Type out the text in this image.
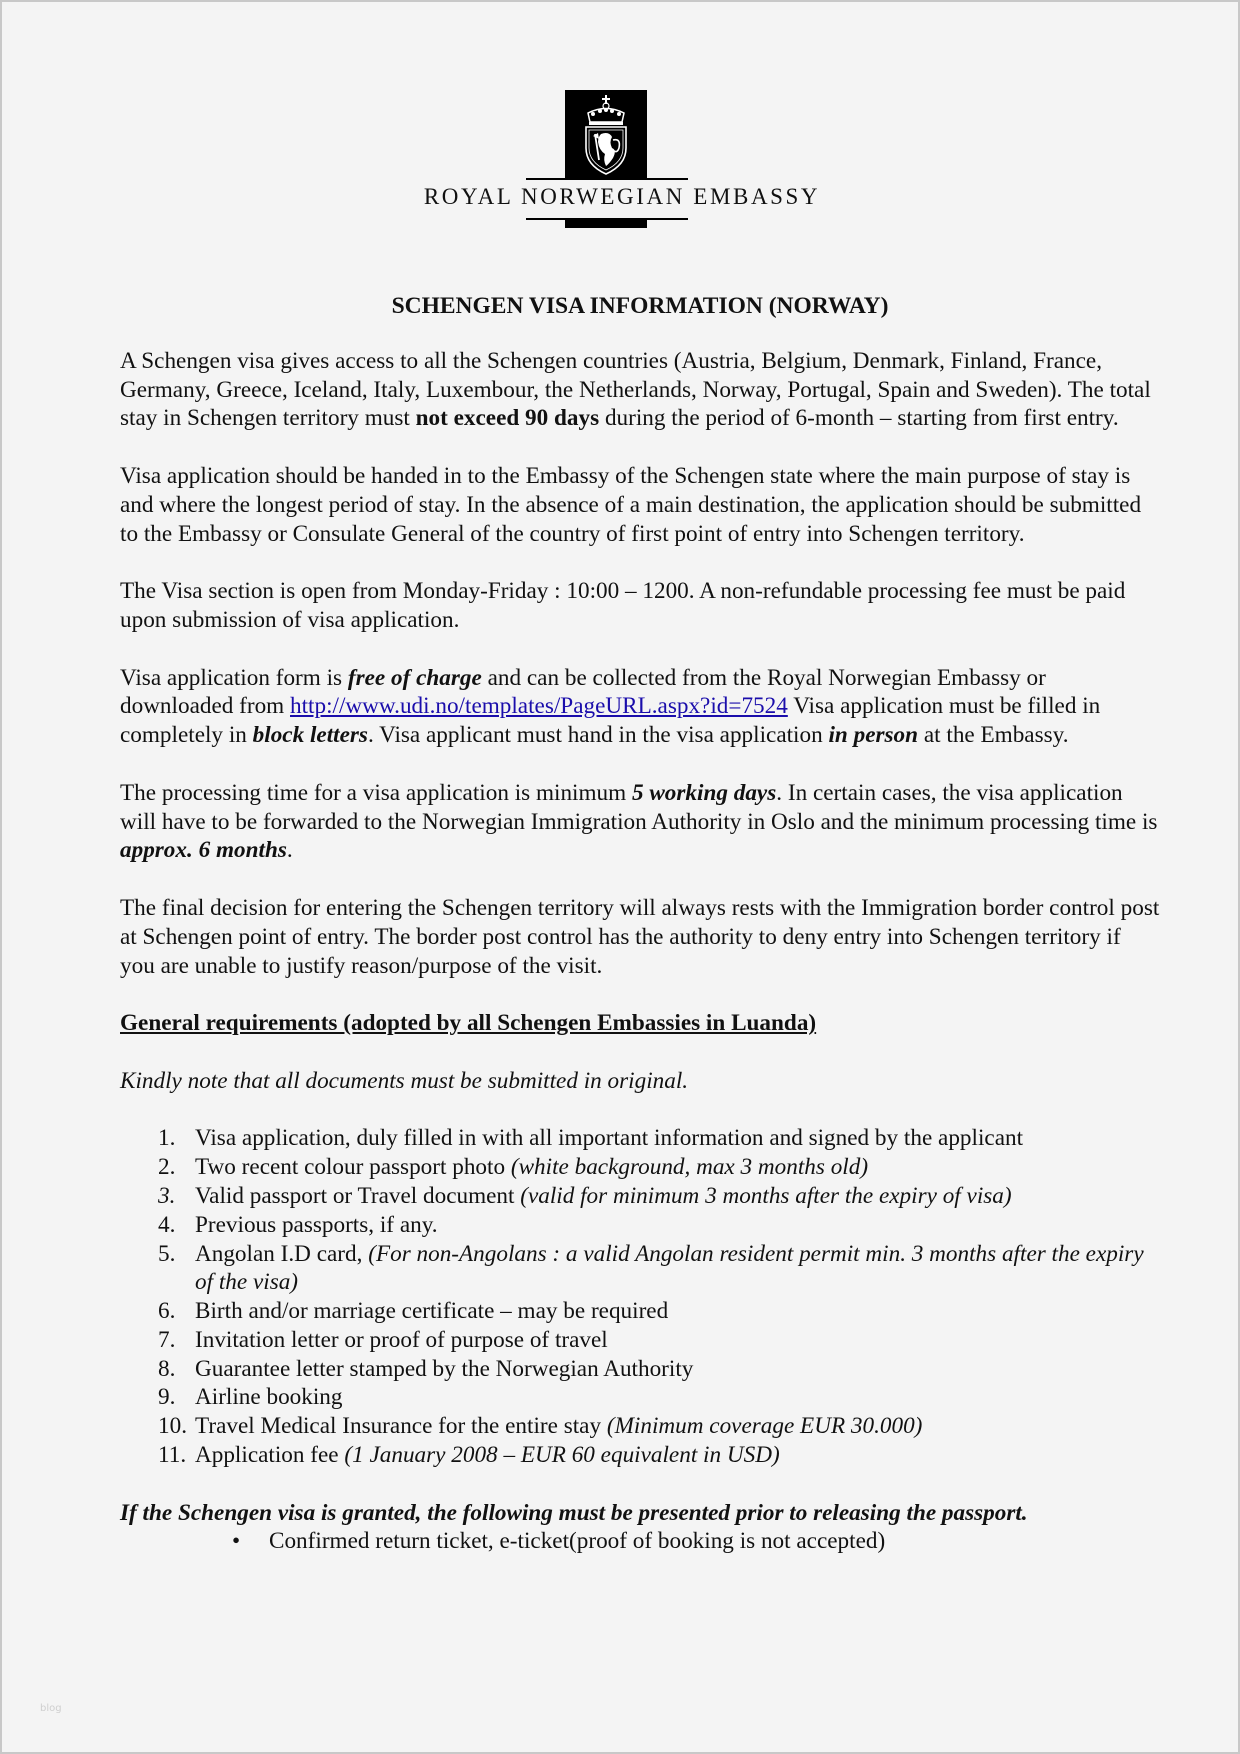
ROYAL NORWEGIAN EMBASSY
SCHENGEN VISA INFORMATION (NORWAY)

A Schengen visa gives access to all the Schengen countries (Austria, Belgium, Denmark, Finland, France, Germany, Greece, Iceland, Italy, Luxembour, the Netherlands, Norway, Portugal, Spain and Sweden). The total stay in Schengen territory must not exceed 90 days during the period of 6-month – starting from first entry.

Visa application should be handed in to the Embassy of the Schengen state where the main purpose of stay is and where the longest period of stay. In the absence of a main destination, the application should be submitted to the Embassy or Consulate General of the country of first point of entry into Schengen territory.

The Visa section is open from Monday-Friday : 10:00 – 1200. A non-refundable processing fee must be paid upon submission of visa application.

Visa application form is free of charge and can be collected from the Royal Norwegian Embassy or downloaded from http://www.udi.no/templates/PageURL.aspx?id=7524 Visa application must be filled in completely in block letters. Visa applicant must hand in the visa application in person at the Embassy.

The processing time for a visa application is minimum 5 working days. In certain cases, the visa application will have to be forwarded to the Norwegian Immigration Authority in Oslo and the minimum processing time is approx. 6 months.

The final decision for entering the Schengen territory will always rests with the Immigration border control post at Schengen point of entry. The border post control has the authority to deny entry into Schengen territory if you are unable to justify reason/purpose of the visit.

General requirements (adopted by all Schengen Embassies in Luanda)
Kindly note that all documents must be submitted in original.
1. Visa application, duly filled in with all important information and signed by the applicant
2. Two recent colour passport photo (white background, max 3 months old)
3. Valid passport or Travel document (valid for minimum 3 months after the expiry of visa)
4. Previous passports, if any.
5. Angolan I.D card, (For non-Angolans : a valid Angolan resident permit min. 3 months after the expiry of the visa)
6. Birth and/or marriage certificate – may be required
7. Invitation letter or proof of purpose of travel
8. Guarantee letter stamped by the Norwegian Authority
9. Airline booking
10. Travel Medical Insurance for the entire stay (Minimum coverage EUR 30.000)
11. Application fee (1 January 2008 – EUR 60 equivalent in USD)
If the Schengen visa is granted, the following must be presented prior to releasing the passport.
• Confirmed return ticket, e-ticket(proof of booking is not accepted)
blog
